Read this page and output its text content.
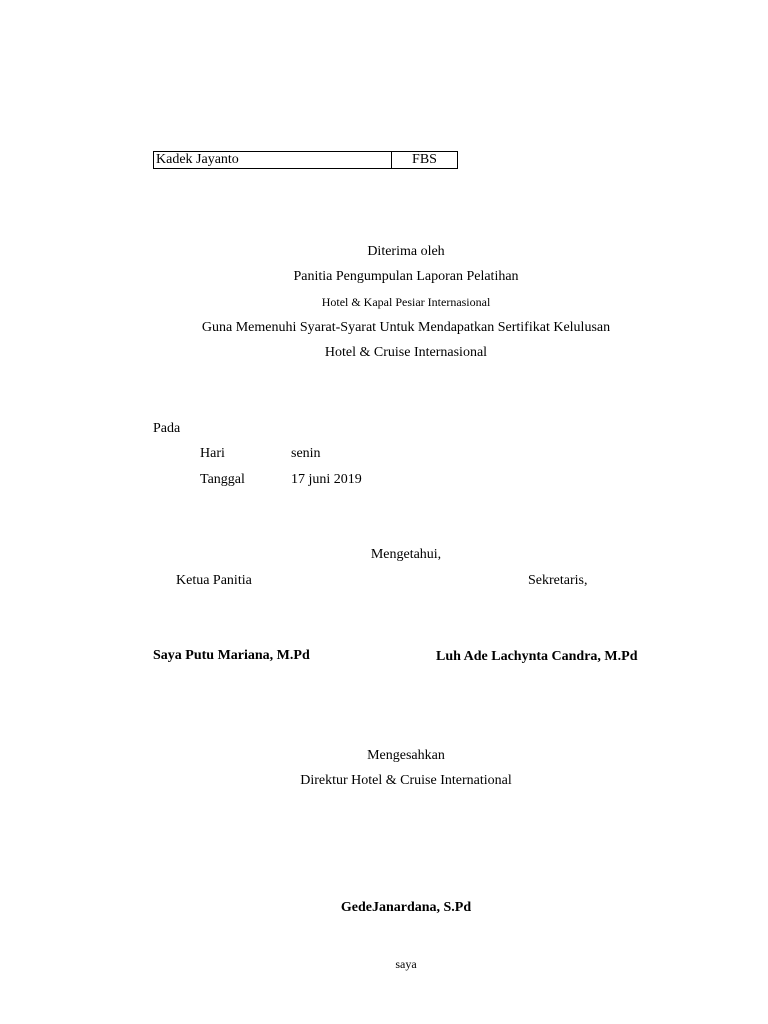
Kadek Jayanto	FBS
Diterima oleh
Panitia Pengumpulan Laporan Pelatihan
Hotel & Kapal Pesiar Internasional
Guna Memenuhi Syarat-Syarat Untuk Mendapatkan Sertifikat Kelulusan
Hotel & Cruise Internasional
Pada
Hari	senin
Tanggal	17 juni 2019
Mengetahui,
Ketua Panitia	Sekretaris,
Saya Putu Mariana, M.Pd	Luh Ade Lachynta Candra, M.Pd
Mengesahkan
Direktur Hotel & Cruise International
GedeJanardana, S.Pd
saya
